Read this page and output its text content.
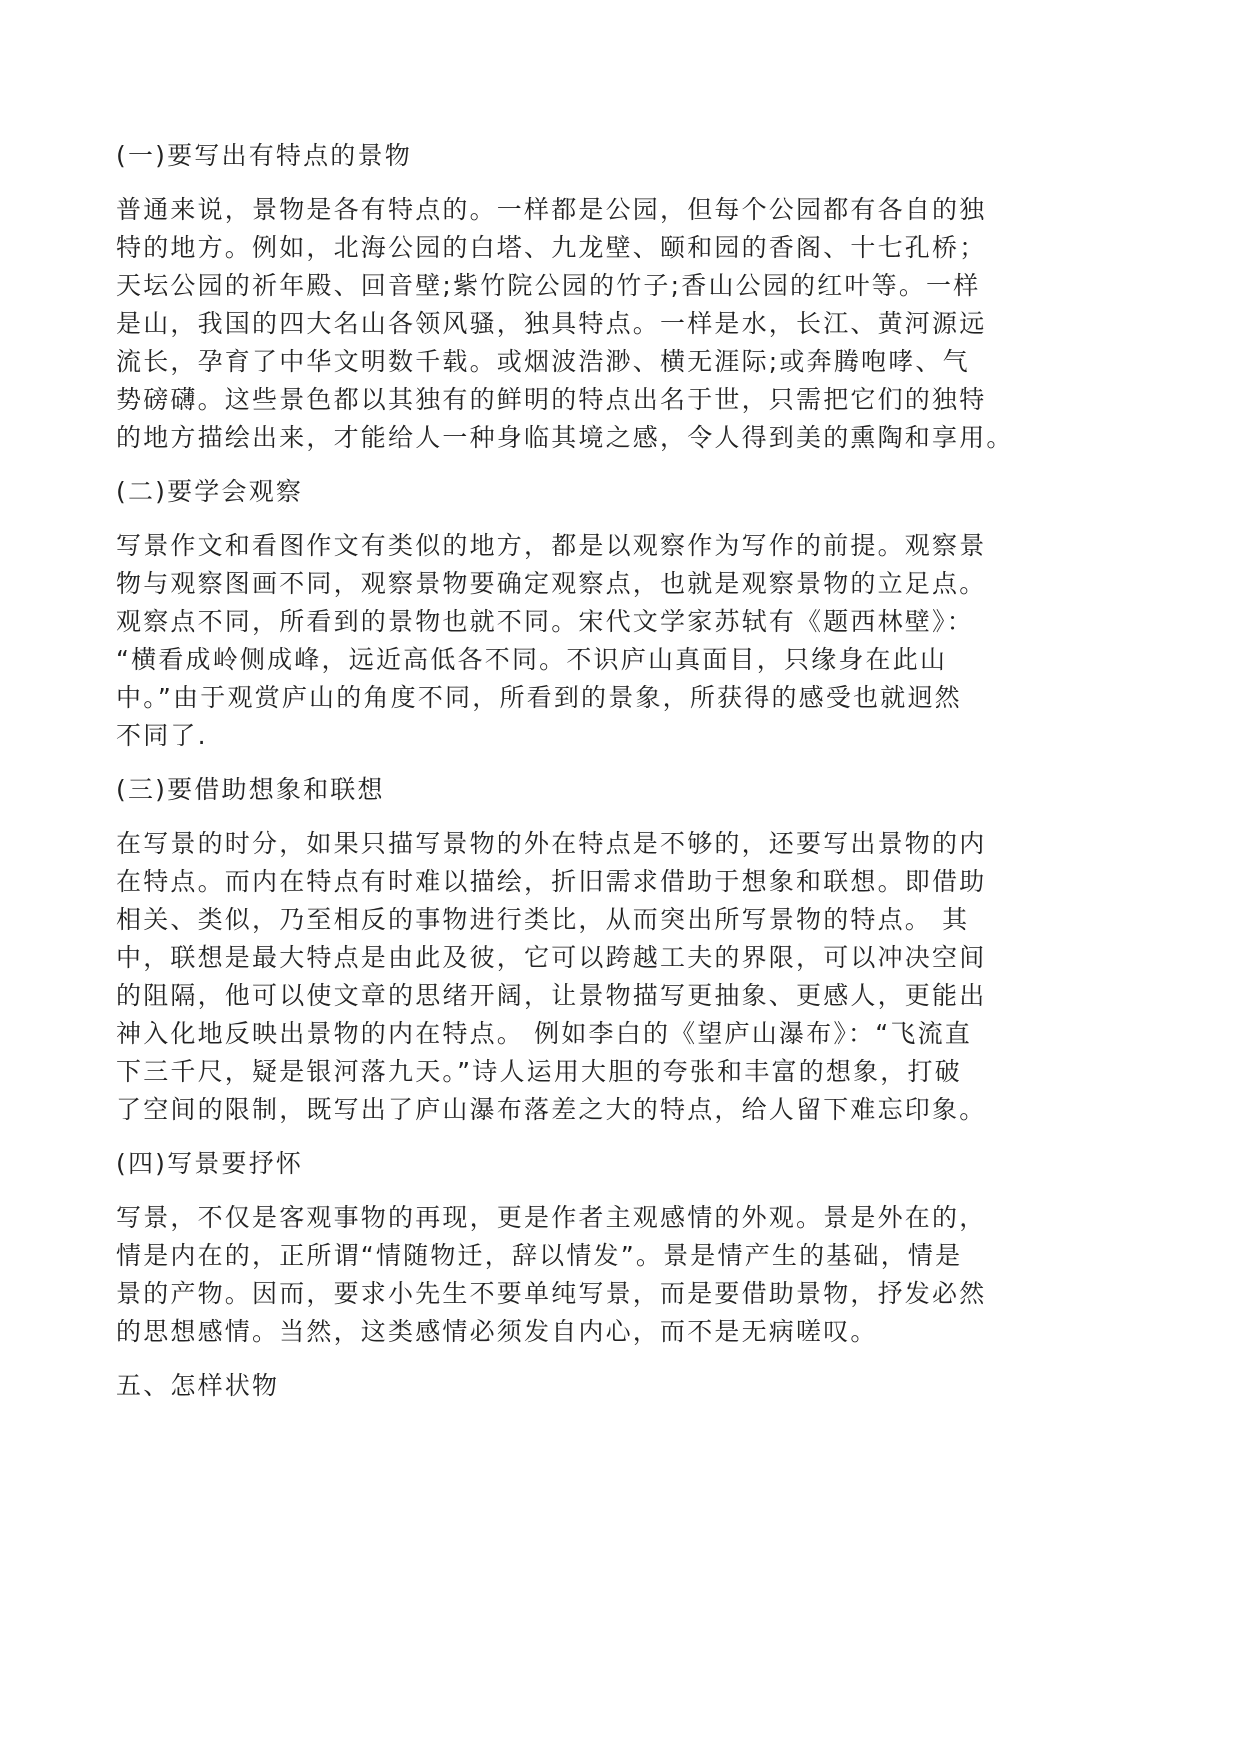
(一)要写出有特点的景物

普通来说，景物是各有特点的。一样都是公园，但每个公园都有各自的独

特的地方。例如，北海公园的白塔、九龙壁、颐和园的香阁、十七孔桥；

天坛公园的祈年殿、回音壁;紫竹院公园的竹子;香山公园的红叶等。一样

是山，我国的四大名山各领风骚，独具特点。一样是水，长江、黄河源远

流长，孕育了中华文明数千载。或烟波浩渺、横无涯际;或奔腾咆哮、气

势磅礴。这些景色都以其独有的鲜明的特点出名于世，只需把它们的独特

的地方描绘出来，才能给人一种身临其境之感，令人得到美的熏陶和享用。

(二)要学会观察

写景作文和看图作文有类似的地方，都是以观察作为写作的前提。观察景

物与观察图画不同，观察景物要确定观察点，也就是观察景物的立足点。

观察点不同，所看到的景物也就不同。宋代文学家苏轼有《题西林壁》：

“横看成岭侧成峰，远近高低各不同。不识庐山真面目，只缘身在此山

中。”由于观赏庐山的角度不同，所看到的景象，所获得的感受也就迥然

不同了.

(三)要借助想象和联想

在写景的时分，如果只描写景物的外在特点是不够的，还要写出景物的内

在特点。而内在特点有时难以描绘，折旧需求借助于想象和联想。即借助

相关、类似，乃至相反的事物进行类比，从而突出所写景物的特点。 其

中，联想是最大特点是由此及彼，它可以跨越工夫的界限，可以冲决空间

的阻隔，他可以使文章的思绪开阔，让景物描写更抽象、更感人，更能出

神入化地反映出景物的内在特点。 例如李白的《望庐山瀑布》：“飞流直

下三千尺，疑是银河落九天。”诗人运用大胆的夸张和丰富的想象，打破

了空间的限制，既写出了庐山瀑布落差之大的特点，给人留下难忘印象。

(四)写景要抒怀

写景，不仅是客观事物的再现，更是作者主观感情的外观。景是外在的，

情是内在的，正所谓“情随物迁，辞以情发”。景是情产生的基础，情是

景的产物。因而，要求小先生不要单纯写景，而是要借助景物，抒发必然

的思想感情。当然，这类感情必须发自内心，而不是无病嗟叹。

五、怎样状物
